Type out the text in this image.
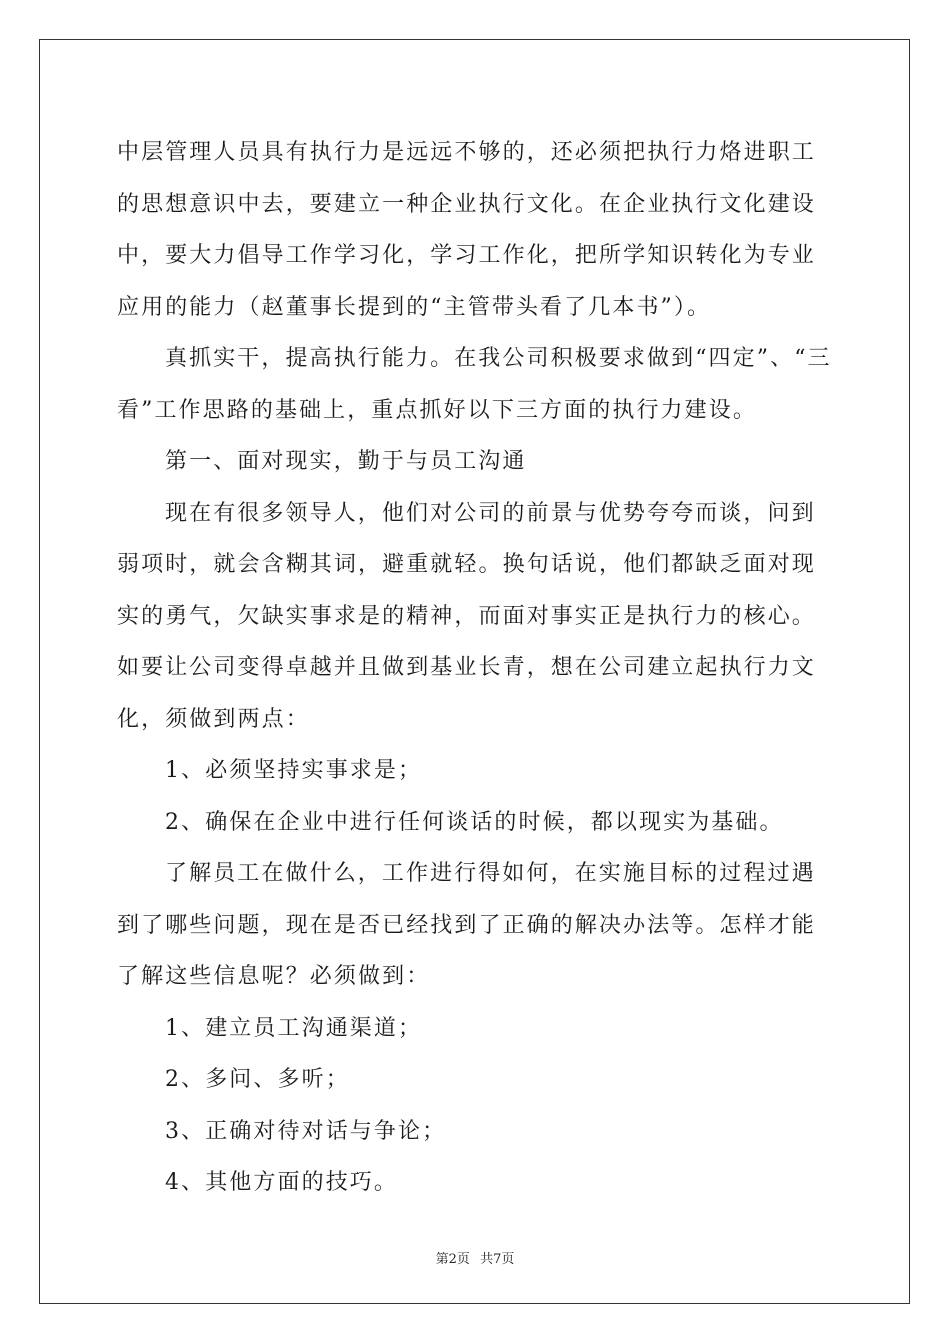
中层管理人员具有执行力是远远不够的，还必须把执行力烙进职工的思想意识中去，要建立一种企业执行文化。在企业执行文化建设中，要大力倡导工作学习化，学习工作化，把所学知识转化为专业应用的能力（赵董事长提到的“主管带头看了几本书”）。

真抓实干，提高执行能力。在我公司积极要求做到“四定”、“三看”工作思路的基础上，重点抓好以下三方面的执行力建设。

第一、面对现实，勤于与员工沟通

现在有很多领导人，他们对公司的前景与优势夸夸而谈，问到弱项时，就会含糊其词，避重就轻。换句话说，他们都缺乏面对现实的勇气，欠缺实事求是的精神，而面对事实正是执行力的核心。如要让公司变得卓越并且做到基业长青，想在公司建立起执行力文化，须做到两点：

1、必须坚持实事求是；

2、确保在企业中进行任何谈话的时候，都以现实为基础。

了解员工在做什么，工作进行得如何，在实施目标的过程过遇到了哪些问题，现在是否已经找到了正确的解决办法等。怎样才能了解这些信息呢？必须做到：

1、建立员工沟通渠道；

2、多问、多听；

3、正确对待对话与争论；

4、其他方面的技巧。

第2页 共7页
